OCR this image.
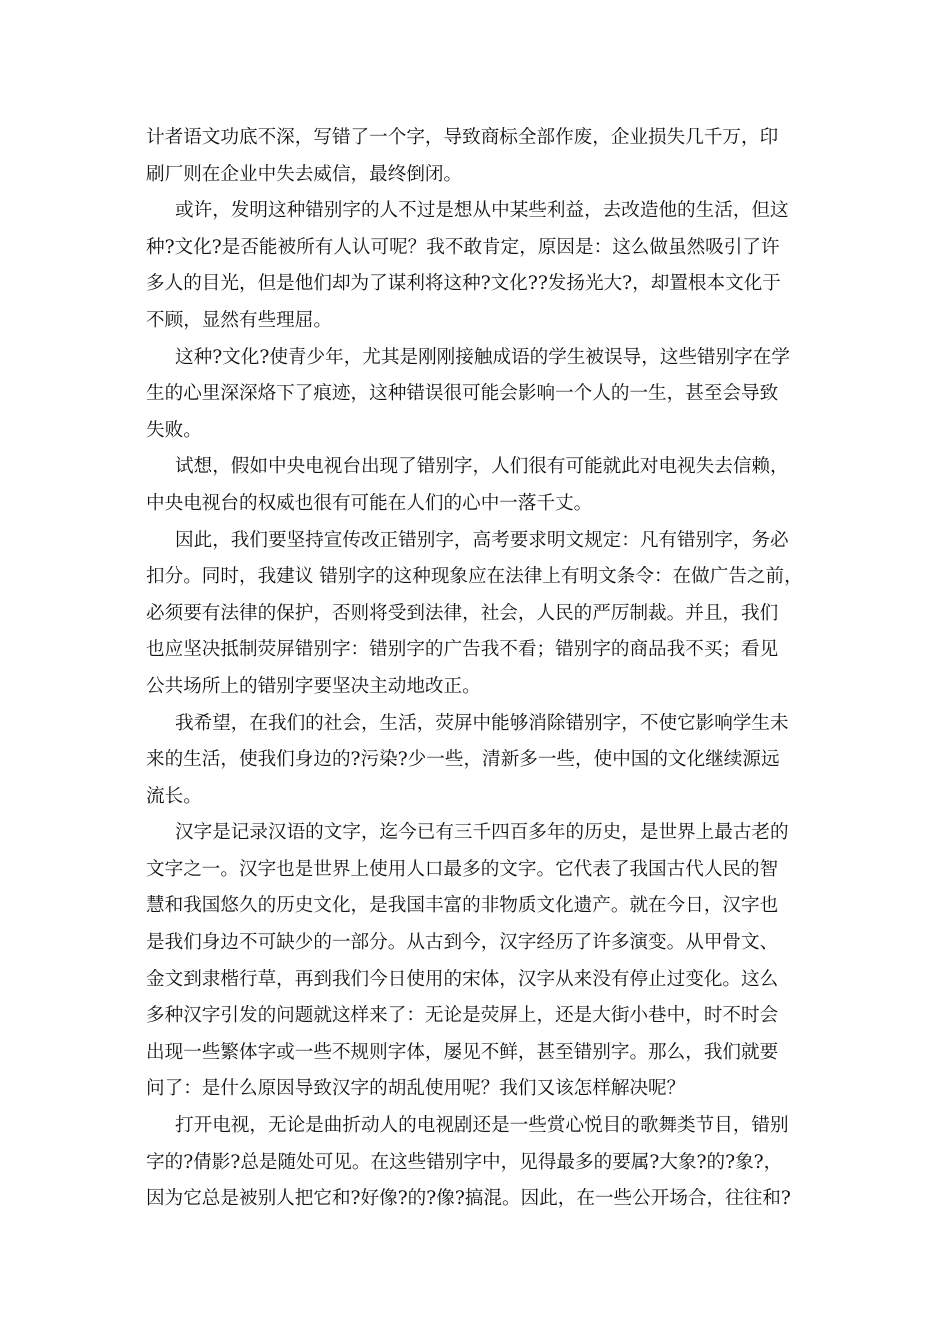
计者语文功底不深，写错了一个字，导致商标全部作废，企业损失几千万，印
刷厂则在企业中失去威信，最终倒闭。
或许，发明这种错别字的人不过是想从中某些利益，去改造他的生活，但这
种?文化?是否能被所有人认可呢？我不敢肯定，原因是：这么做虽然吸引了许
多人的目光，但是他们却为了谋利将这种?文化??发扬光大?，却置根本文化于
不顾，显然有些理屈。
这种?文化?使青少年，尤其是刚刚接触成语的学生被误导，这些错别字在学
生的心里深深烙下了痕迹，这种错误很可能会影响一个人的一生，甚至会导致
失败。
试想，假如中央电视台出现了错别字，人们很有可能就此对电视失去信赖，
中央电视台的权威也很有可能在人们的心中一落千丈。
因此，我们要坚持宣传改正错别字，高考要求明文规定：凡有错别字，务必
扣分。同时，我建议 错别字的这种现象应在法律上有明文条令：在做广告之前，
必须要有法律的保护，否则将受到法律，社会，人民的严厉制裁。并且，我们
也应坚决抵制荧屏错别字：错别字的广告我不看；错别字的商品我不买；看见
公共场所上的错别字要坚决主动地改正。
我希望，在我们的社会，生活，荧屏中能够消除错别字，不使它影响学生未
来的生活，使我们身边的?污染?少一些，清新多一些，使中国的文化继续源远
流长。
汉字是记录汉语的文字，迄今已有三千四百多年的历史，是世界上最古老的
文字之一。汉字也是世界上使用人口最多的文字。它代表了我国古代人民的智
慧和我国悠久的历史文化，是我国丰富的非物质文化遗产。就在今日，汉字也
是我们身边不可缺少的一部分。从古到今，汉字经历了许多演变。从甲骨文、
金文到隶楷行草，再到我们今日使用的宋体，汉字从来没有停止过变化。这么
多种汉字引发的问题就这样来了：无论是荧屏上，还是大街小巷中，时不时会
出现一些繁体字或一些不规则字体，屡见不鲜，甚至错别字。那么，我们就要
问了：是什么原因导致汉字的胡乱使用呢？我们又该怎样解决呢？
打开电视，无论是曲折动人的电视剧还是一些赏心悦目的歌舞类节目，错别
字的?倩影?总是随处可见。在这些错别字中，见得最多的要属?大象?的?象?，
因为它总是被别人把它和?好像?的?像?搞混。因此，在一些公开场合，往往和?
